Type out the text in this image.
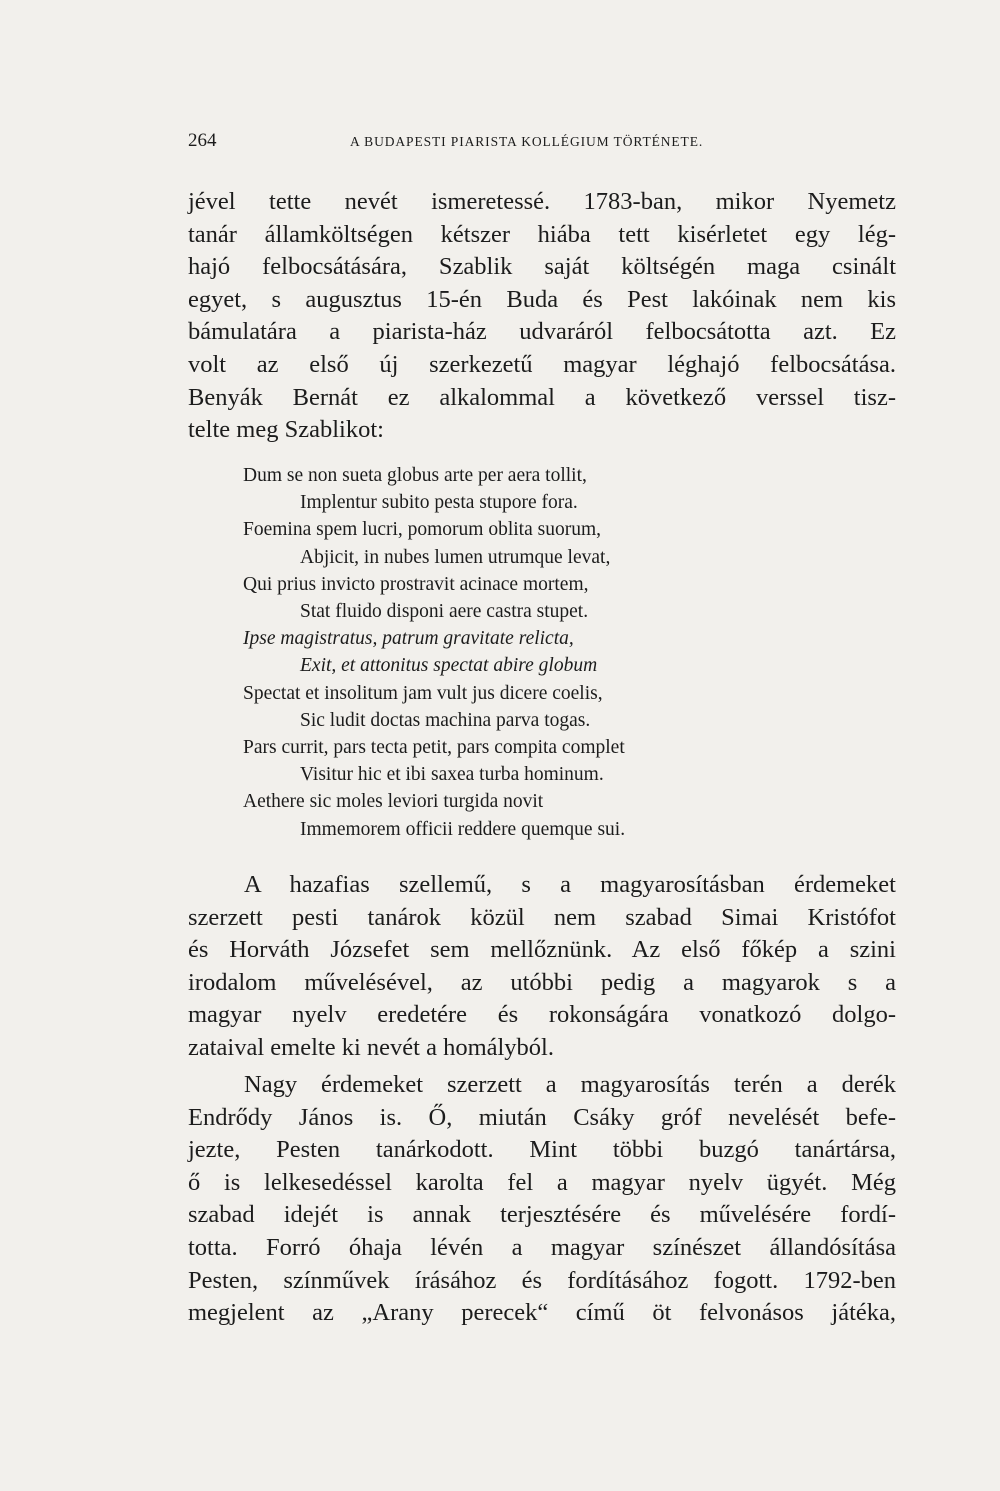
264	A BUDAPESTI PIARISTA KOLLÉGIUM TÖRTÉNETE.

jével tette nevét ismeretessé. 1783-ban, mikor Nyemetz

tanár államköltségen kétszer hiába tett kisérletet egy lég-

hajó felbocsátására, Szablik saját költségén maga csinált

egyet, s augusztus 15-én Buda és Pest lakóinak nem kis

bámulatára a piarista-ház udvaráról felbocsátotta azt. Ez

volt az első új szerkezetű magyar léghajó felbocsátása.

Benyák Bernát ez alkalommal a következő verssel tisz-

telte meg Szablikot:

Dum se non sueta globus arte per aera tollit,
Implentur subito pesta stupore fora.
Foemina spem lucri, pomorum oblita suorum,
Abjicit, in nubes lumen utrumque levat,
Qui prius invicto prostravit acinace mortem,
Stat fluido disponi aere castra stupet.
Ipse magistratus, patrum gravitate relicta,
Exit, et attonitus spectat abire globum
Spectat et insolitum jam vult jus dicere coelis,
Sic ludit doctas machina parva togas.
Pars currit, pars tecta petit, pars compita complet
Visitur hic et ibi saxea turba hominum.
Aethere sic moles leviori turgida novit
Immemorem officii reddere quemque sui.

A hazafias szellemű, s a magyarosításban érdemeket

szerzett pesti tanárok közül nem szabad Simai Kristófot

és Horváth Józsefet sem mellőznünk. Az első főkép a szini

irodalom művelésével, az utóbbi pedig a magyarok s a

magyar nyelv eredetére és rokonságára vonatkozó dolgo-

zataival emelte ki nevét a homályból.

Nagy érdemeket szerzett a magyarosítás terén a derék

Endrődy János is. Ő, miután Csáky gróf nevelését befe-

jezte, Pesten tanárkodott. Mint többi buzgó tanártársa,

ő is lelkesedéssel karolta fel a magyar nyelv ügyét. Még

szabad idejét is annak terjesztésére és művelésére fordí-

totta. Forró óhaja lévén a magyar színészet állandósítása

Pesten, színművek írásához és fordításához fogott. 1792-ben

megjelent az „Arany perecek“ című öt felvonásos játéka,
